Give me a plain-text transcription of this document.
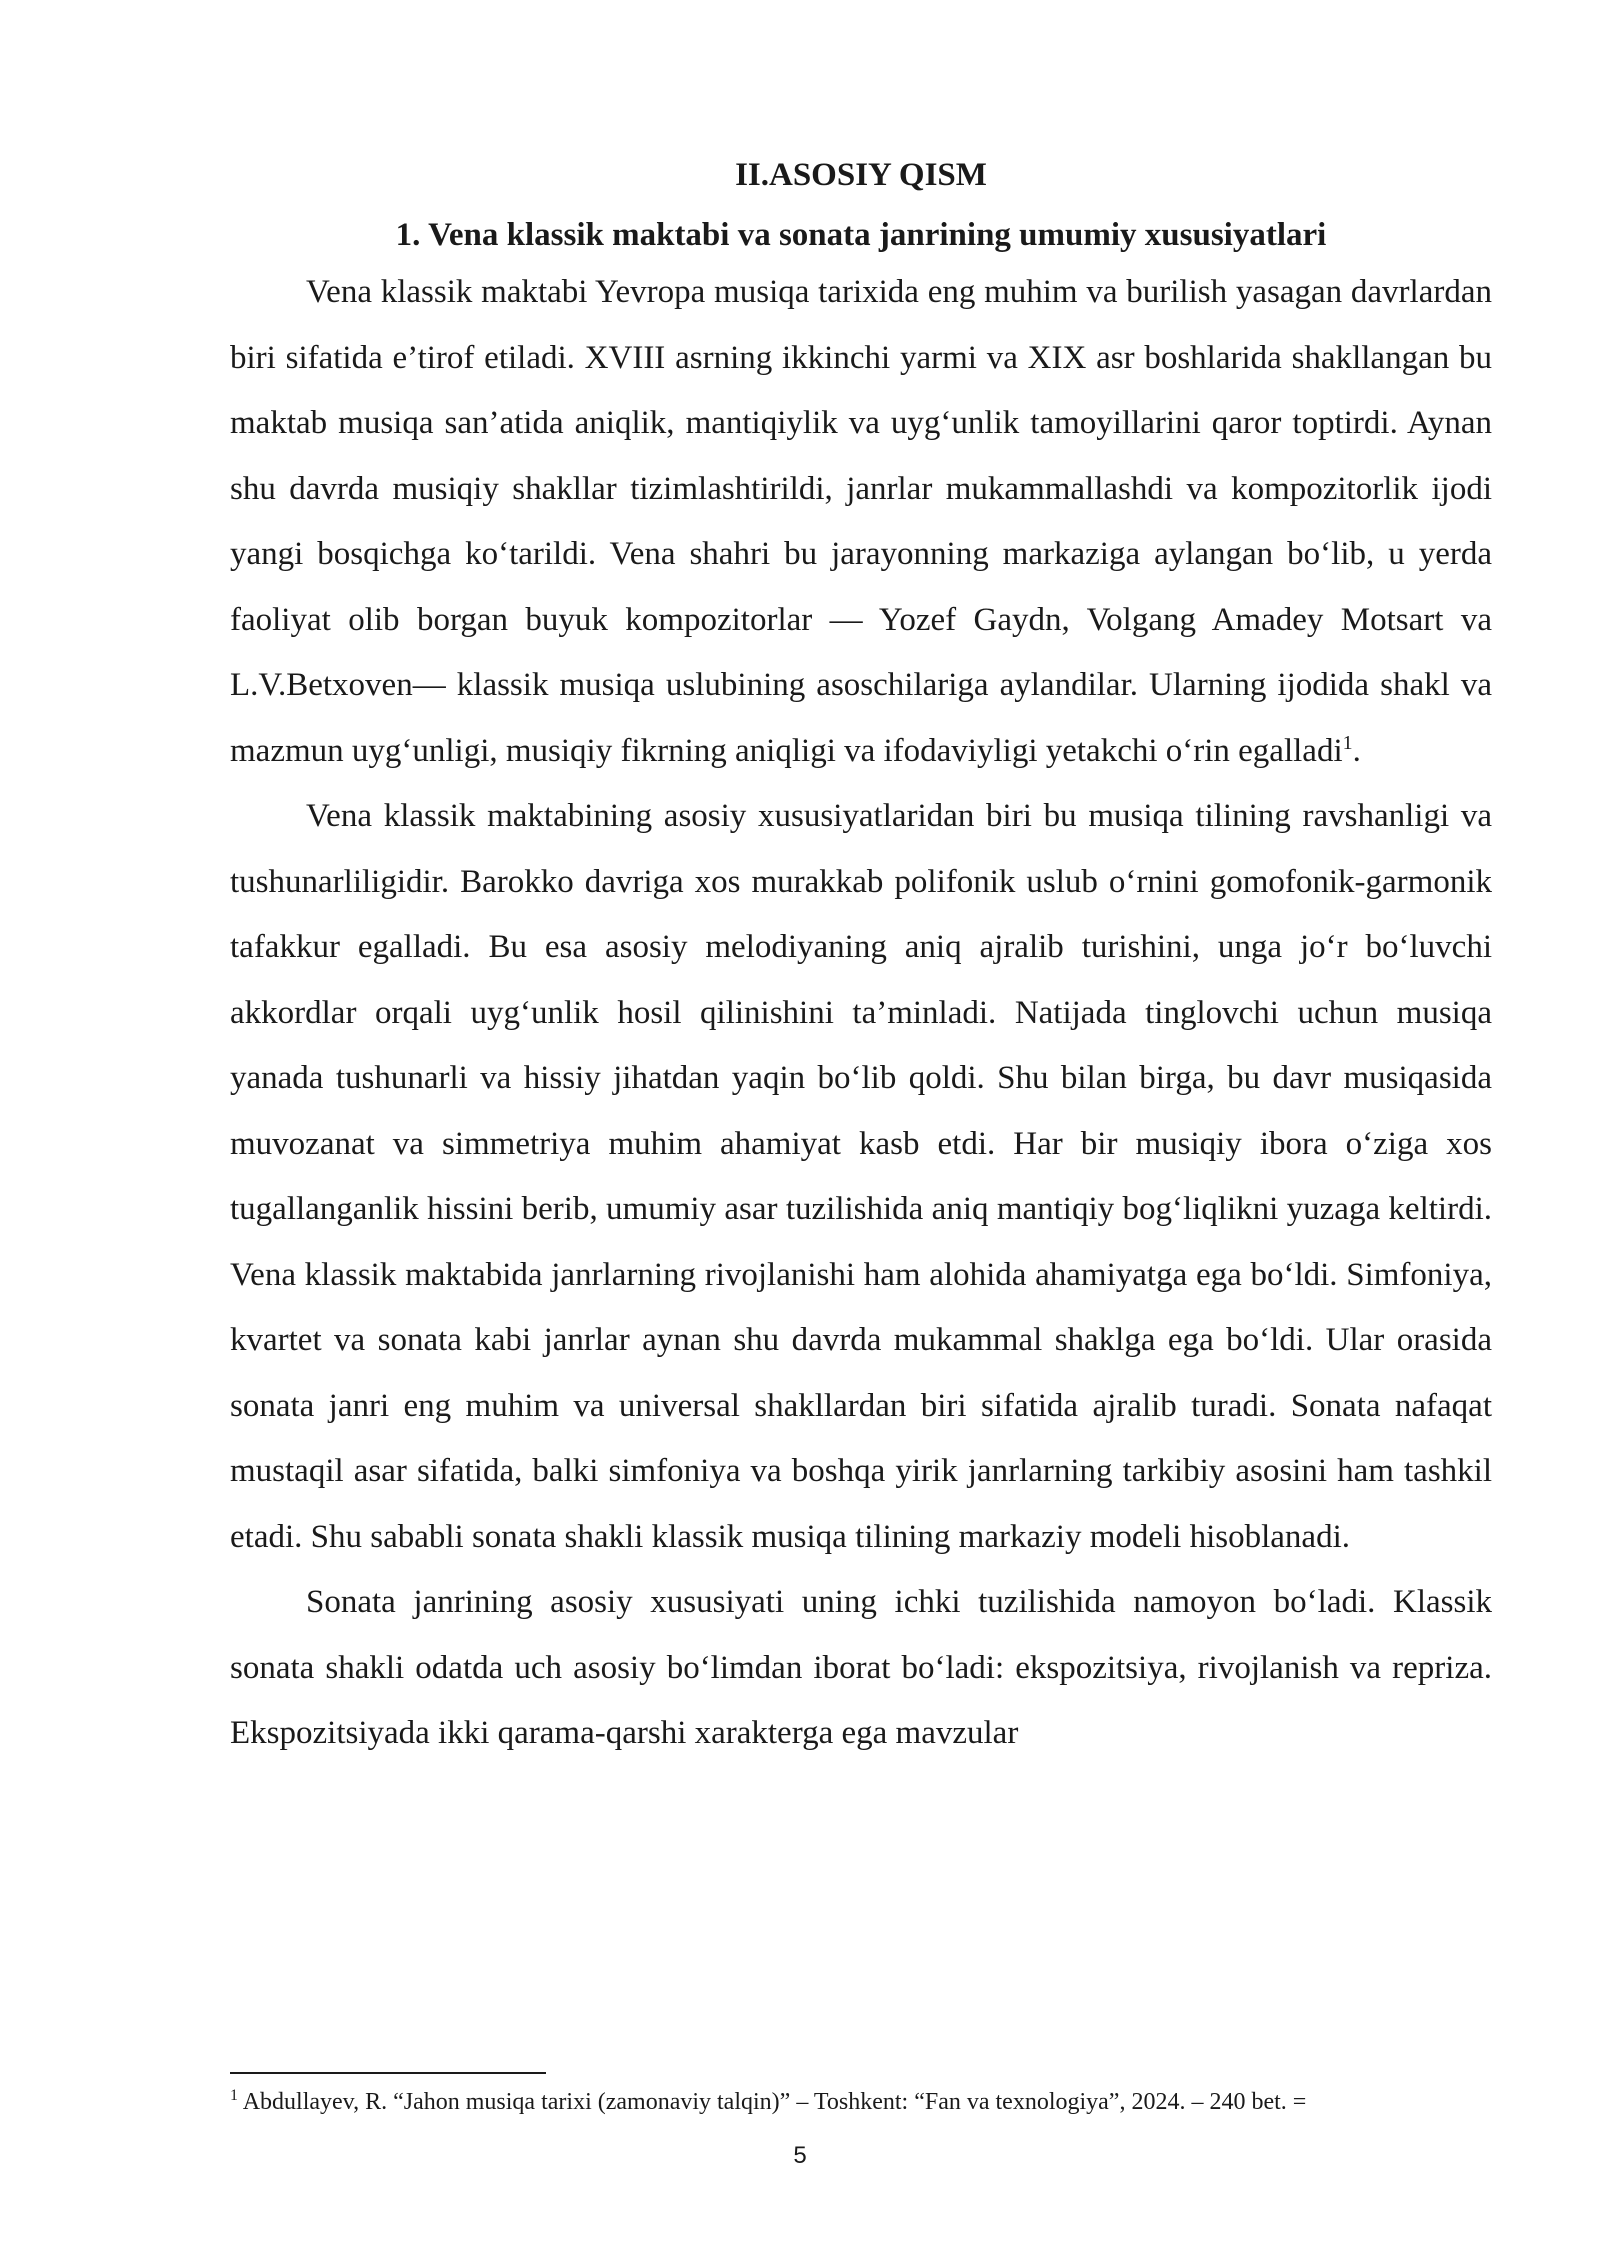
II.ASOSIY QISM
1. Vena klassik maktabi va sonata janrining umumiy xususiyatlari

Vena klassik maktabi Yevropa musiqa tarixida eng muhim va burilish yasagan davrlardan biri sifatida e’tirof etiladi. XVIII asrning ikkinchi yarmi va XIX asr boshlarida shakllangan bu maktab musiqa san’atida aniqlik, mantiqiylik va uyg‘unlik tamoyillarini qaror toptirdi. Aynan shu davrda musiqiy shakllar tizimlashtirildi, janrlar mukammallashdi va kompozitorlik ijodi yangi bosqichga ko‘tarildi. Vena shahri bu jarayonning markaziga aylangan bo‘lib, u yerda faoliyat olib borgan buyuk kompozitorlar — Yozef Gaydn, Volgang Amadey Motsart va L.V.Betxoven— klassik musiqa uslubining asoschilariga aylandilar. Ularning ijodida shakl va mazmun uyg‘unligi, musiqiy fikrning aniqligi va ifodaviyligi yetakchi o‘rin egalladi$^1$.

Vena klassik maktabining asosiy xususiyatlaridan biri bu musiqa tilining ravshanligi va tushunarliligidir. Barokko davriga xos murakkab polifonik uslub o‘rnini gomofonik-garmonik tafakkur egalladi. Bu esa asosiy melodiyaning aniq ajralib turishini, unga jo‘r bo‘luvchi akkordlar orqali uyg‘unlik hosil qilinishini ta’minladi. Natijada tinglovchi uchun musiqa yanada tushunarli va hissiy jihatdan yaqin bo‘lib qoldi. Shu bilan birga, bu davr musiqasida muvozanat va simmetriya muhim ahamiyat kasb etdi. Har bir musiqiy ibora o‘ziga xos tugallanganlik hissini berib, umumiy asar tuzilishida aniq mantiqiy bog‘liqlikni yuzaga keltirdi. Vena klassik maktabida janrlarning rivojlanishi ham alohida ahamiyatga ega bo‘ldi. Simfoniya, kvartet va sonata kabi janrlar aynan shu davrda mukammal shaklga ega bo‘ldi. Ular orasida sonata janri eng muhim va universal shakllardan biri sifatida ajralib turadi. Sonata nafaqat mustaqil asar sifatida, balki simfoniya va boshqa yirik janrlarning tarkibiy asosini ham tashkil etadi. Shu sababli sonata shakli klassik musiqa tilining markaziy modeli hisoblanadi.

Sonata janrining asosiy xususiyati uning ichki tuzilishida namoyon bo‘ladi. Klassik sonata shakli odatda uch asosiy bo‘limdan iborat bo‘ladi: ekspozitsiya, rivojlanish va repriza. Ekspozitsiyada ikki qarama-qarshi xarakterga ega mavzular

$^1$ Abdullayev, R. “Jahon musiqa tarixi (zamonaviy talqin)” – Toshkent: “Fan va texnologiya”, 2024. – 240 bet. =

5
